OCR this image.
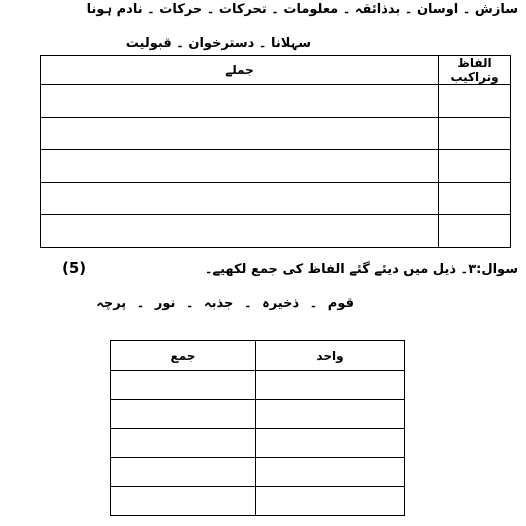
سازش ۔ اوسان ۔ بدذائقہ ۔ معلومات ۔ تحرکات ۔ حرکات ۔ نادم ہونا
سہلانا ۔ دسترخوان ۔ قبولیت
الفاظ وتراکیب	جملے

سوال:۳۔ ذیل میں دیئے گئے الفاظ کی جمع لکھیے۔
(5)
قوم ۔ ذخیرہ ۔ جذبہ ۔ نور ۔ پرچہ
واحد	جمع
